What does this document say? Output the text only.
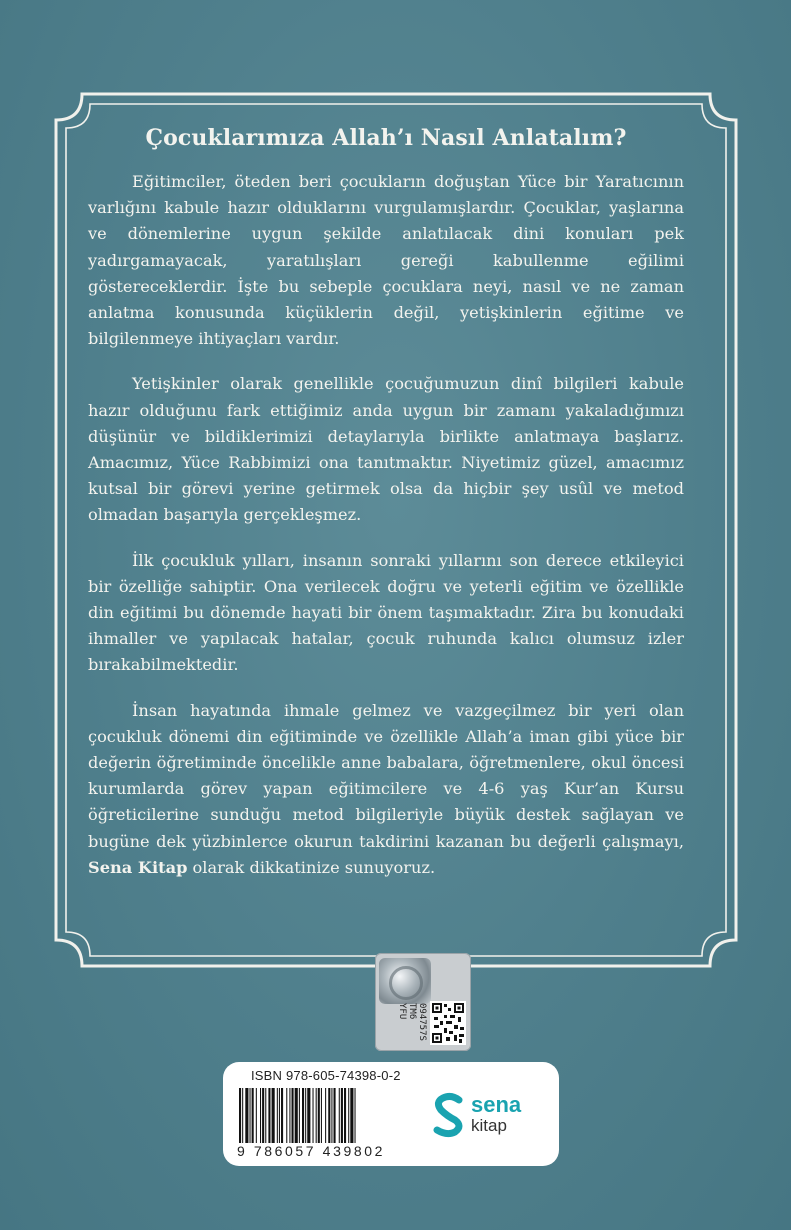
Çocuklarımıza Allah’ı Nasıl Anlatalım?

Eğitimciler, öteden beri çocukların doğuştan Yüce bir Yaratıcının varlığını kabule hazır olduklarını vurgulamışlardır. Çocuklar, yaşlarına ve dönemlerine uygun şekilde anlatılacak dini konuları pek yadırgamayacak, yaratılışları gereği kabullenme eğilimi göstereceklerdir. İşte bu sebeple çocuklara neyi, nasıl ve ne zaman anlatma konusunda küçüklerin değil, yetişkinlerin eğitime ve bilgilenmeye ihtiyaçları vardır.

Yetişkinler olarak genellikle çocuğumuzun dinî bilgileri kabule hazır olduğunu fark ettiğimiz anda uygun bir zamanı yakaladığımızı düşünür ve bildiklerimizi detaylarıyla birlikte anlatmaya başlarız. Amacımız, Yüce Rabbimizi ona tanıtmaktır. Niyetimiz güzel, amacımız kutsal bir görevi yerine getirmek olsa da hiçbir şey usûl ve metod olmadan başarıyla gerçekleşmez.

İlk çocukluk yılları, insanın sonraki yıllarını son derece etkileyici bir özelliğe sahiptir. Ona verilecek doğru ve yeterli eğitim ve özellikle din eğitimi bu dönemde hayati bir önem taşımaktadır. Zira bu konudaki ihmaller ve yapılacak hatalar, çocuk ruhunda kalıcı olumsuz izler bırakabilmektedir.

İnsan hayatında ihmale gelmez ve vazgeçilmez bir yeri olan çocukluk dönemi din eğitiminde ve özellikle Allah’a iman gibi yüce bir değerin öğretiminde öncelikle anne babalara, öğretmenlere, okul öncesi kurumlarda görev yapan eğitimcilere ve 4-6 yaş Kur’an Kursu öğreticilerine sunduğu metod bilgileriyle büyük destek sağlayan ve bugüne dek yüzbinlerce okurun takdirini kazanan bu değerli çalışmayı, Sena Kitap olarak dikkatinize sunuyoruz.

094757S
TM6
YFU
ISBN 978-605-74398-0-2
9 786057 439802
sena
kitap
